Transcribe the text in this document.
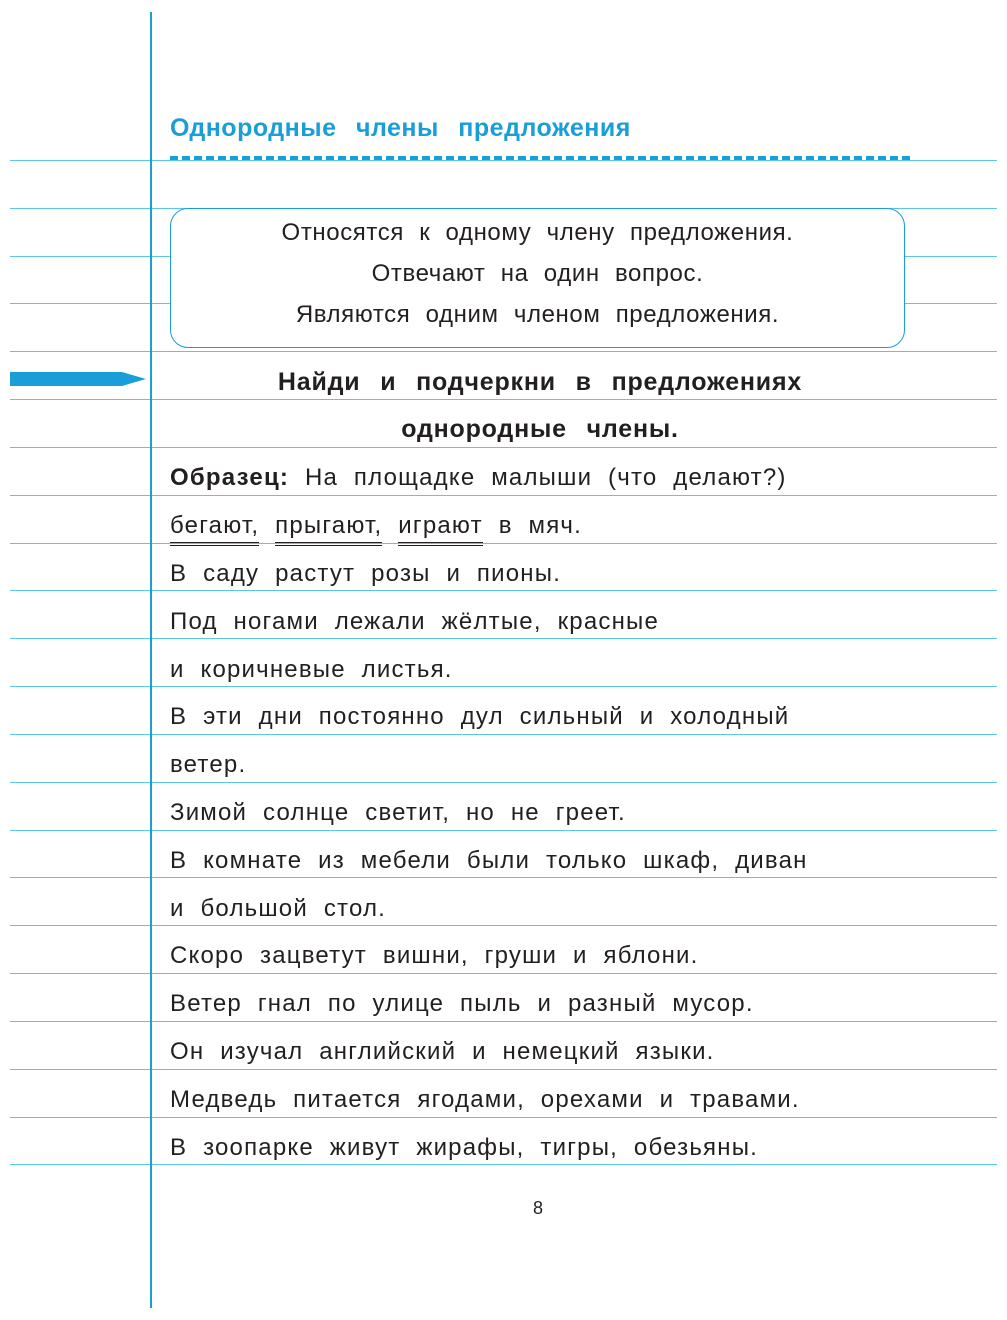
Однородные члены предложения
Относятся к одному члену предложения.
Отвечают на один вопрос.
Являются одним членом предложения.
Найди и подчеркни в предложениях
однородные члены.
Образец: На площадке малыши (что делают?)
бегают, прыгают, играют в мяч.
В саду растут розы и пионы.
Под ногами лежали жёлтые, красные
и коричневые листья.
В эти дни постоянно дул сильный и холодный
ветер.
Зимой солнце светит, но не греет.
В комнате из мебели были только шкаф, диван
и большой стол.
Скоро зацветут вишни, груши и яблони.
Ветер гнал по улице пыль и разный мусор.
Он изучал английский и немецкий языки.
Медведь питается ягодами, орехами и травами.
В зоопарке живут жирафы, тигры, обезьяны.
8
